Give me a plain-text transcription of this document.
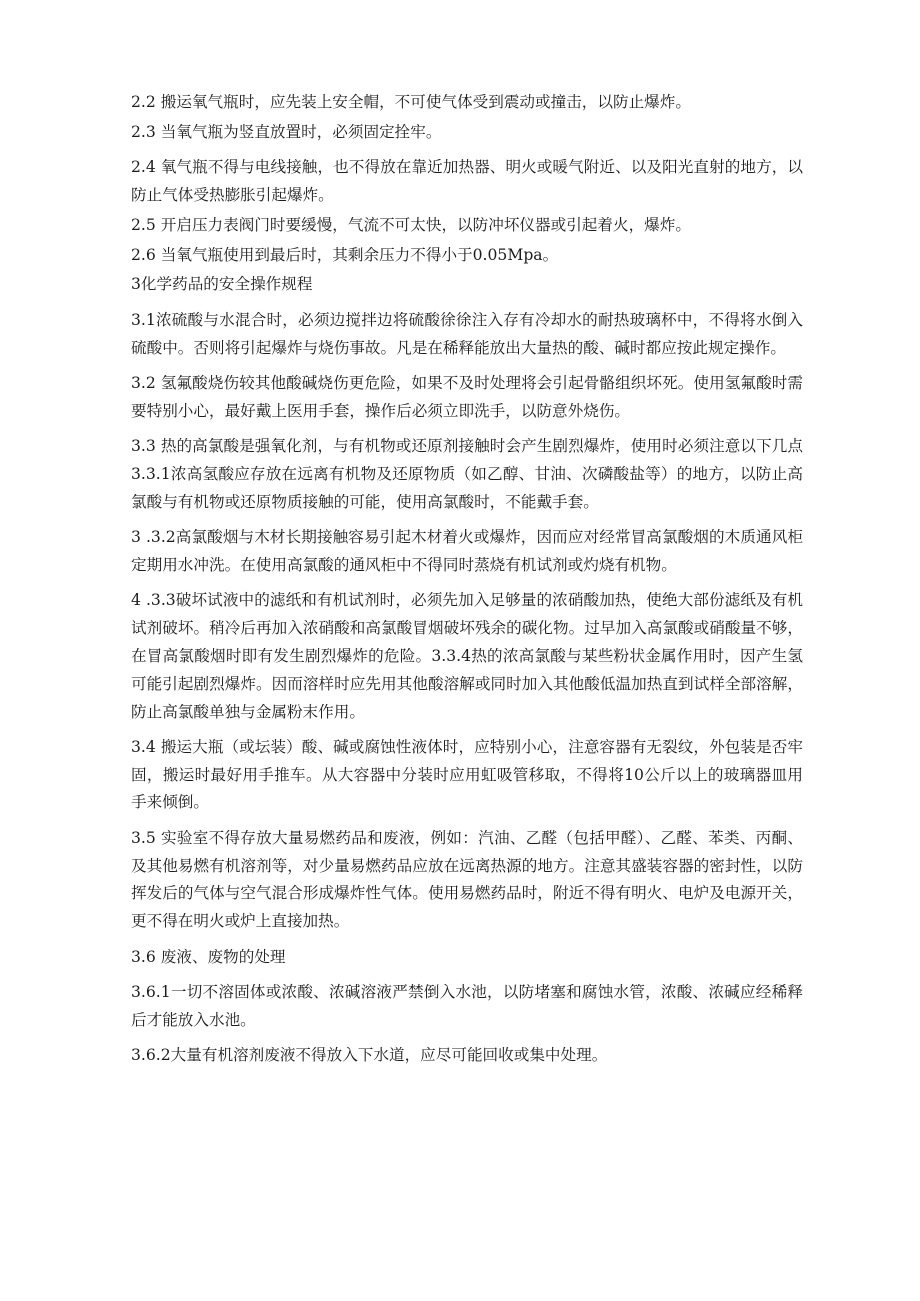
2.2 搬运氧气瓶时，应先装上安全帽，不可使气体受到震动或撞击，以防止爆炸。

2.3 当氧气瓶为竖直放置时，必须固定拴牢。

2.4 氧气瓶不得与电线接触，也不得放在靠近加热器、明火或暖气附近、以及阳光直射的地方，以防止气体受热膨胀引起爆炸。

2.5 开启压力表阀门时要缓慢，气流不可太快，以防冲坏仪器或引起着火，爆炸。

2.6 当氧气瓶使用到最后时，其剩余压力不得小于0.05Mpa。

3化学药品的安全操作规程

3.1浓硫酸与水混合时，必须边搅拌边将硫酸徐徐注入存有冷却水的耐热玻璃杯中，不得将水倒入硫酸中。否则将引起爆炸与烧伤事故。凡是在稀释能放出大量热的酸、碱时都应按此规定操作。

3.2 氢氟酸烧伤较其他酸碱烧伤更危险，如果不及时处理将会引起骨骼组织坏死。使用氢氟酸时需要特别小心，最好戴上医用手套，操作后必须立即洗手，以防意外烧伤。

3.3 热的高氯酸是强氧化剂，与有机物或还原剂接触时会产生剧烈爆炸，使用时必须注意以下几点3.3.1浓高氢酸应存放在远离有机物及还原物质（如乙醇、甘油、次磷酸盐等）的地方，以防止高氯酸与有机物或还原物质接触的可能，使用高氯酸时，不能戴手套。

3 .3.2高氯酸烟与木材长期接触容易引起木材着火或爆炸，因而应对经常冒高氯酸烟的木质通风柜定期用水冲洗。在使用高氯酸的通风柜中不得同时蒸烧有机试剂或灼烧有机物。

4 .3.3破坏试液中的滤纸和有机试剂时，必须先加入足够量的浓硝酸加热，使绝大部份滤纸及有机试剂破坏。稍冷后再加入浓硝酸和高氯酸冒烟破坏残余的碳化物。过早加入高氯酸或硝酸量不够，在冒高氯酸烟时即有发生剧烈爆炸的危险。3.3.4热的浓高氯酸与某些粉状金属作用时，因产生氢可能引起剧烈爆炸。因而溶样时应先用其他酸溶解或同时加入其他酸低温加热直到试样全部溶解，防止高氯酸单独与金属粉末作用。

3.4 搬运大瓶（或坛装）酸、碱或腐蚀性液体时，应特别小心，注意容器有无裂纹，外包装是否牢固，搬运时最好用手推车。从大容器中分装时应用虹吸管移取，不得将10公斤以上的玻璃器皿用手来倾倒。

3.5 实验室不得存放大量易燃药品和废液，例如：汽油、乙醛（包括甲醛）、乙醛、苯类、丙酮、及其他易燃有机溶剂等，对少量易燃药品应放在远离热源的地方。注意其盛装容器的密封性，以防挥发后的气体与空气混合形成爆炸性气体。使用易燃药品时，附近不得有明火、电炉及电源开关，更不得在明火或炉上直接加热。

3.6 废液、废物的处理

3.6.1一切不溶固体或浓酸、浓碱溶液严禁倒入水池，以防堵塞和腐蚀水管，浓酸、浓碱应经稀释后才能放入水池。

3.6.2大量有机溶剂废液不得放入下水道，应尽可能回收或集中处理。
